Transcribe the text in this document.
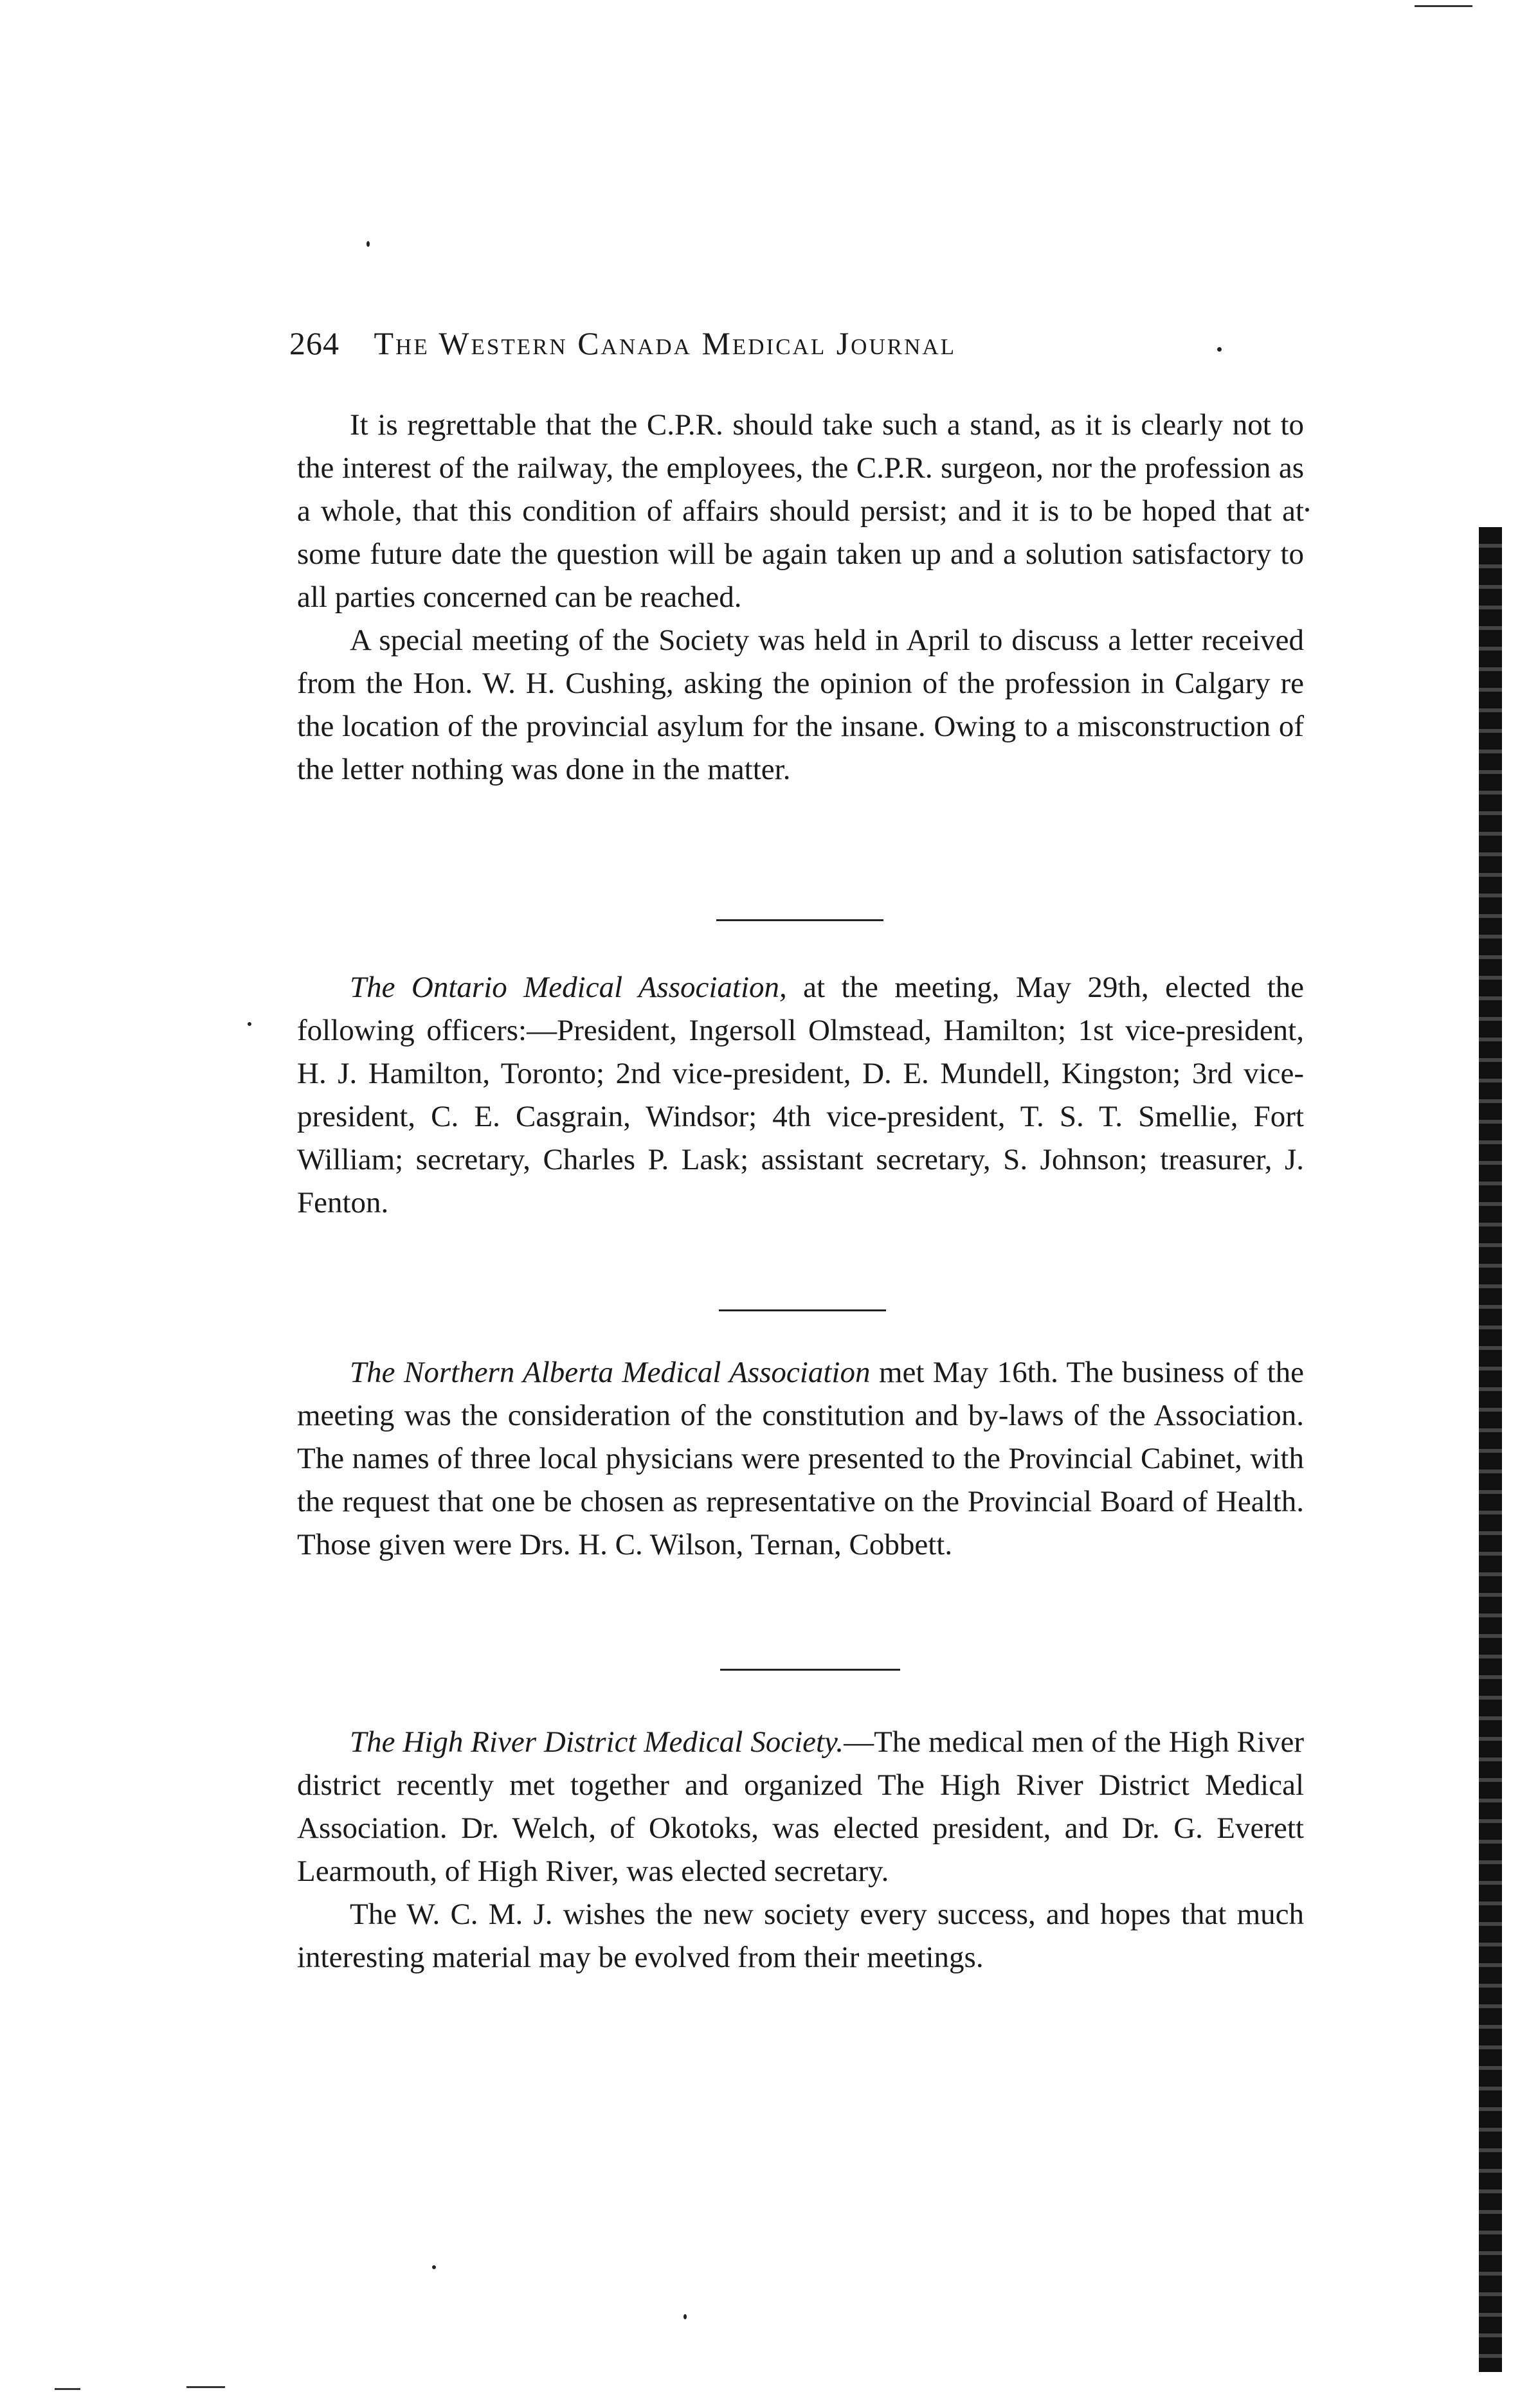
264 The Western Canada Medical Journal

It is regrettable that the C.P.R. should take such a stand, as it is clearly not to the interest of the railway, the employees, the C.P.R. surgeon, nor the profession as a whole, that this condition of affairs should persist; and it is to be hoped that at some future date the question will be again taken up and a solution satisfactory to all parties concerned can be reached.

A special meeting of the Society was held in April to discuss a letter received from the Hon. W. H. Cushing, asking the opinion of the profession in Calgary re the location of the provincial asylum for the insane. Owing to a misconstruction of the letter nothing was done in the matter.

The Ontario Medical Association, at the meeting, May 29th, elected the following officers:—President, Ingersoll Olmstead, Hamilton; 1st vice-president, H. J. Hamilton, Toronto; 2nd vice-president, D. E. Mundell, Kingston; 3rd vice-president, C. E. Casgrain, Windsor; 4th vice-president, T. S. T. Smellie, Fort William; secretary, Charles P. Lask; assistant secretary, S. Johnson; treasurer, J. Fenton.

The Northern Alberta Medical Association met May 16th. The business of the meeting was the consideration of the constitution and by-laws of the Association. The names of three local physicians were presented to the Provincial Cabinet, with the request that one be chosen as representative on the Provincial Board of Health. Those given were Drs. H. C. Wilson, Ternan, Cobbett.

The High River District Medical Society.—The medical men of the High River district recently met together and organized The High River District Medical Association. Dr. Welch, of Okotoks, was elected president, and Dr. G. Everett Learmouth, of High River, was elected secretary.

The W. C. M. J. wishes the new society every success, and hopes that much interesting material may be evolved from their meetings.
